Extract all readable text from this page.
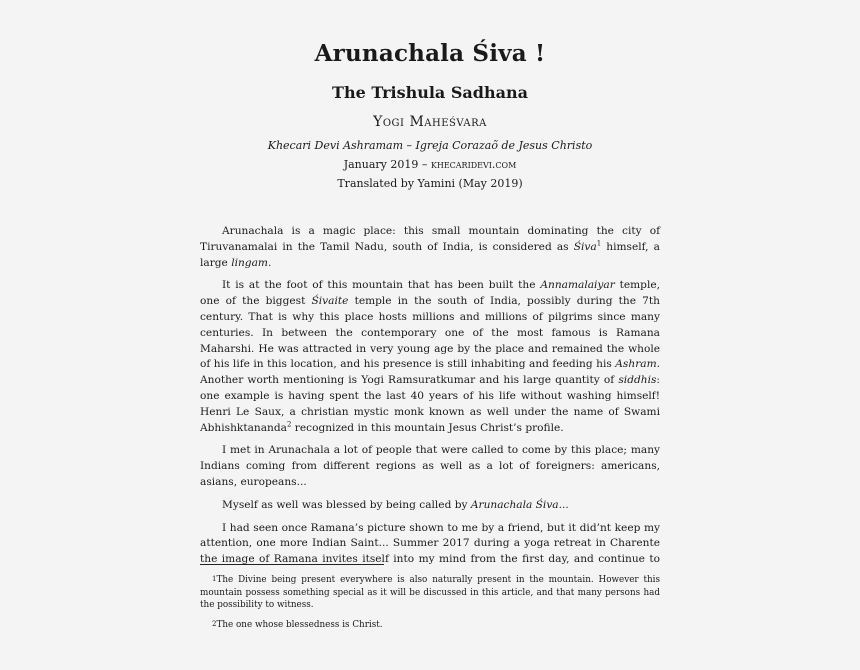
Arunachala Śiva !
The Trishula Sadhana
Yogi Maheśvara
Khecari Devi Ashramam – Igreja Corazaõ de Jesus Christo
January 2019 – khecaridevi.com
Translated by Yamini (May 2019)

Arunachala is a magic place: this small mountain dominating the city of Tiruvanamalai in the Tamil Nadu, south of India, is considered as Śiva$^1$ himself, a large lingam.

It is at the foot of this mountain that has been built the Annamalaiyar temple, one of the biggest Śivaite temple in the south of India, possibly during the 7th century. That is why this place hosts millions and millions of pilgrims since many centuries. In between the contemporary one of the most famous is Ramana Maharshi. He was attracted in very young age by the place and remained the whole of his life in this location, and his presence is still inhabiting and feeding his Ashram. Another worth mentioning is Yogi Ramsuratkumar and his large quantity of siddhis: one example is having spent the last 40 years of his life without washing himself! Henri Le Saux, a christian mystic monk known as well under the name of Swami Abhishktananda$^2$ recognized in this mountain Jesus Christ’s profile.

I met in Arunachala a lot of people that were called to come by this place; many Indians coming from different regions as well as a lot of foreigners: americans, asians, europeans...

Myself as well was blessed by being called by Arunachala Śiva...

I had seen once Ramana’s picture shown to me by a friend, but it did’nt keep my attention, one more Indian Saint... Summer 2017 during a yoga retreat in Charente the image of Ramana invites itself into my mind from the first day, and continue to

$^1$The Divine being present everywhere is also naturally present in the mountain. However this mountain possess something special as it will be discussed in this article, and that many persons had the possibility to witness.
$^2$The one whose blessedness is Christ.
